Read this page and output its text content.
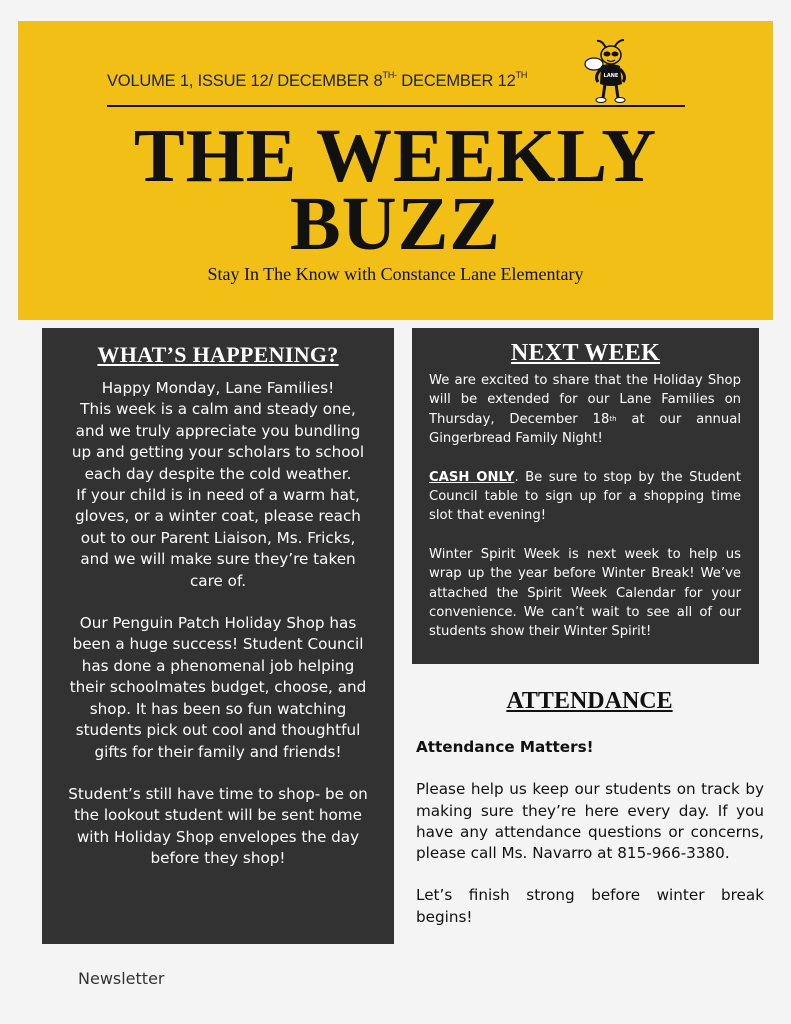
VOLUME 1, ISSUE 12/ DECEMBER $8^{TH-}$ DECEMBER 12TH	LANE
THE WEEKLY
BUZZ
Stay In The Know with Constance Lane Elementary
WHAT’S HAPPENING?

Happy Monday, Lane Families!

This week is a calm and steady one, and we truly appreciate you bundling up and getting your scholars to school each day despite the cold weather.

If your child is in need of a warm hat, gloves, or a winter coat, please reach out to our Parent Liaison, Ms. Fricks, and we will make sure they’re taken care of.

Our Penguin Patch Holiday Shop has been a huge success! Student Council has done a phenomenal job helping their schoolmates budget, choose, and shop. It has been so fun watching students pick out cool and thoughtful gifts for their family and friends!

Student’s still have time to shop- be on the lookout student will be sent home with Holiday Shop envelopes the day before they shop!

NEXT WEEK

We are excited to share that the Holiday Shop will be extended for our Lane Families on Thursday, December 18th at our annual Gingerbread Family Night!

CASH ONLY. Be sure to stop by the Student Council table to sign up for a shopping time slot that evening!

Winter Spirit Week is next week to help us wrap up the year before Winter Break! We’ve attached the Spirit Week Calendar for your convenience. We can’t wait to see all of our students show their Winter Spirit!

ATTENDANCE

Attendance Matters!

Please help us keep our students on track by making sure they’re here every day. If you have any attendance questions or concerns, please call Ms. Navarro at 815-966-3380.

Let’s finish strong before winter break begins!

Newsletter
